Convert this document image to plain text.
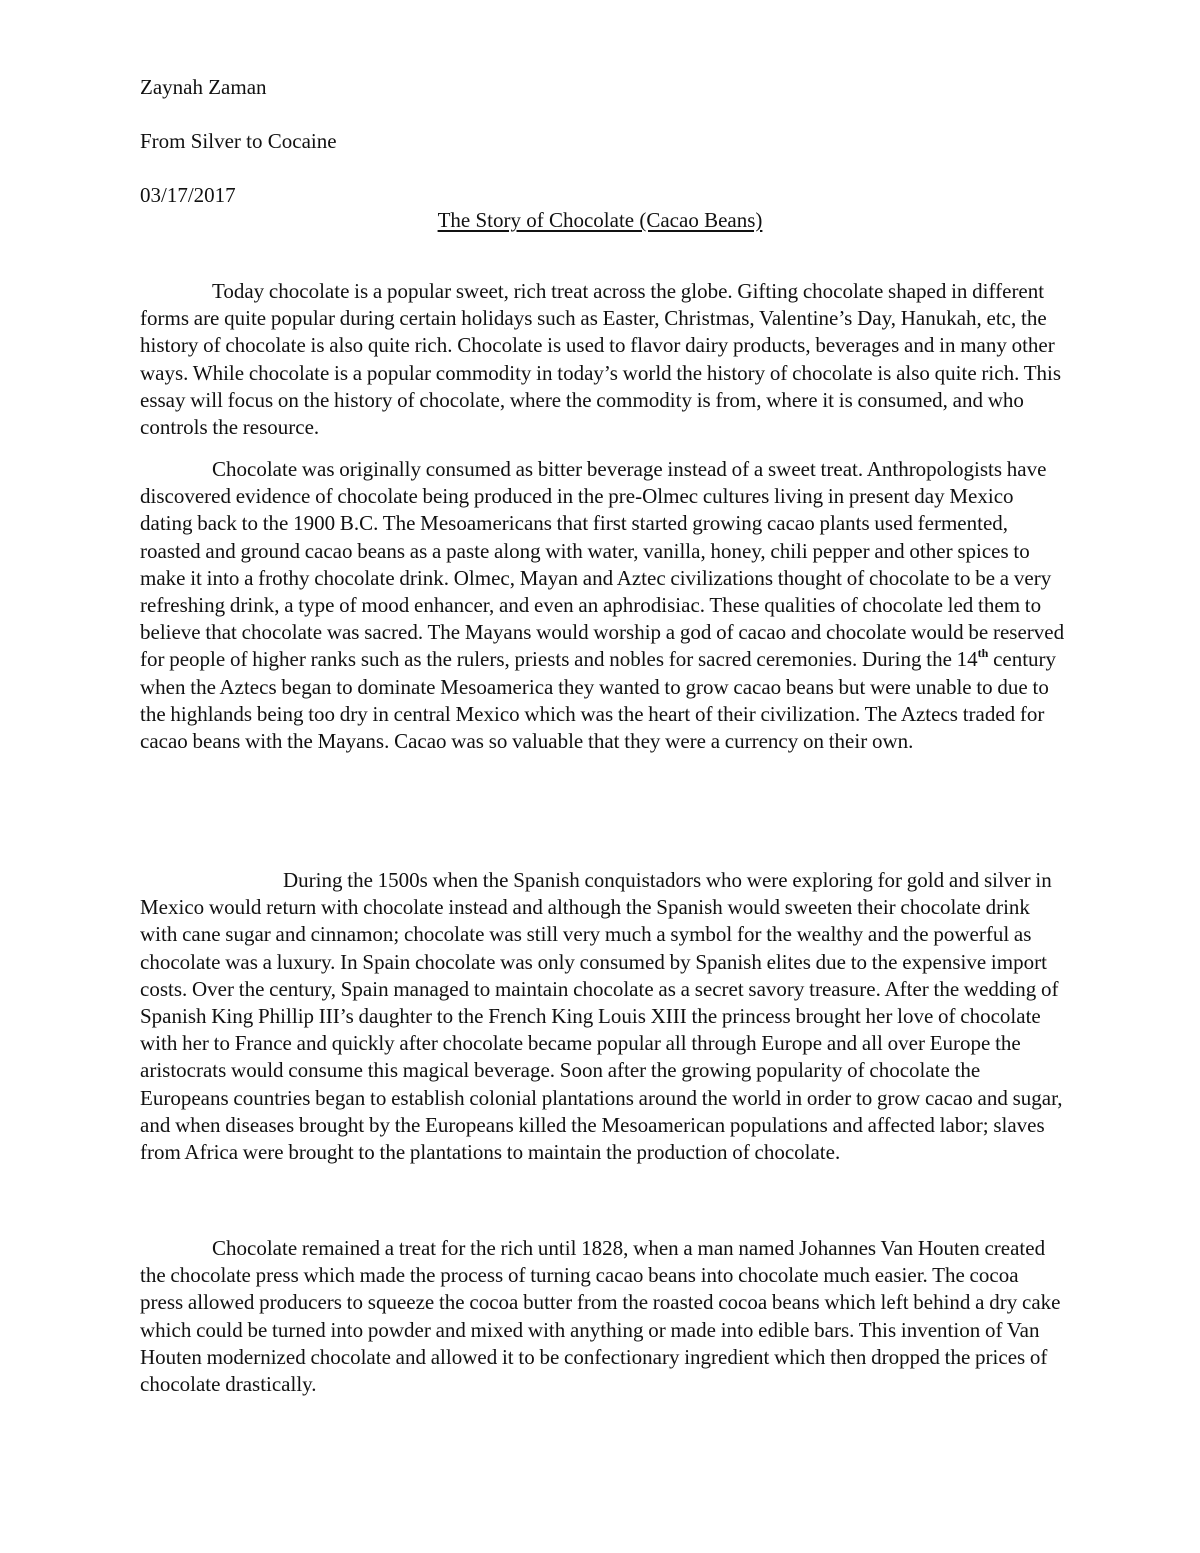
Zaynah Zaman

From Silver to Cocaine

03/17/2017

The Story of Chocolate (Cacao Beans)

Today chocolate is a popular sweet, rich treat across the globe. Gifting chocolate shaped in different forms are quite popular during certain holidays such as Easter, Christmas, Valentine’s Day, Hanukah, etc, the history of chocolate is also quite rich. Chocolate is used to flavor dairy products, beverages and in many other ways. While chocolate is a popular commodity in today’s world the history of chocolate is also quite rich. This essay will focus on the history of chocolate, where the commodity is from, where it is consumed, and who controls the resource.

Chocolate was originally consumed as bitter beverage instead of a sweet treat. Anthropologists have discovered evidence of chocolate being produced in the pre-Olmec cultures living in present day Mexico dating back to the 1900 B.C. The Mesoamericans that first started growing cacao plants used fermented, roasted and ground cacao beans as a paste along with water, vanilla, honey, chili pepper and other spices to make it into a frothy chocolate drink. Olmec, Mayan and Aztec civilizations thought of chocolate to be a very refreshing drink, a type of mood enhancer, and even an aphrodisiac. These qualities of chocolate led them to believe that chocolate was sacred. The Mayans would worship a god of cacao and chocolate would be reserved for people of higher ranks such as the rulers, priests and nobles for sacred ceremonies. During the 14th century when the Aztecs began to dominate Mesoamerica they wanted to grow cacao beans but were unable to due to the highlands being too dry in central Mexico which was the heart of their civilization. The Aztecs traded for cacao beans with the Mayans. Cacao was so valuable that they were a currency on their own.

During the 1500s when the Spanish conquistadors who were exploring for gold and silver in Mexico would return with chocolate instead and although the Spanish would sweeten their chocolate drink with cane sugar and cinnamon; chocolate was still very much a symbol for the wealthy and the powerful as chocolate was a luxury. In Spain chocolate was only consumed by Spanish elites due to the expensive import costs. Over the century, Spain managed to maintain chocolate as a secret savory treasure. After the wedding of Spanish King Phillip III’s daughter to the French King Louis XIII the princess brought her love of chocolate with her to France and quickly after chocolate became popular all through Europe and all over Europe the aristocrats would consume this magical beverage. Soon after the growing popularity of chocolate the Europeans countries began to establish colonial plantations around the world in order to grow cacao and sugar, and when diseases brought by the Europeans killed the Mesoamerican populations and affected labor; slaves from Africa were brought to the plantations to maintain the production of chocolate.

Chocolate remained a treat for the rich until 1828, when a man named Johannes Van Houten created the chocolate press which made the process of turning cacao beans into chocolate much easier. The cocoa press allowed producers to squeeze the cocoa butter from the roasted cocoa beans which left behind a dry cake which could be turned into powder and mixed with anything or made into edible bars. This invention of Van Houten modernized chocolate and allowed it to be confectionary ingredient which then dropped the prices of chocolate drastically.
